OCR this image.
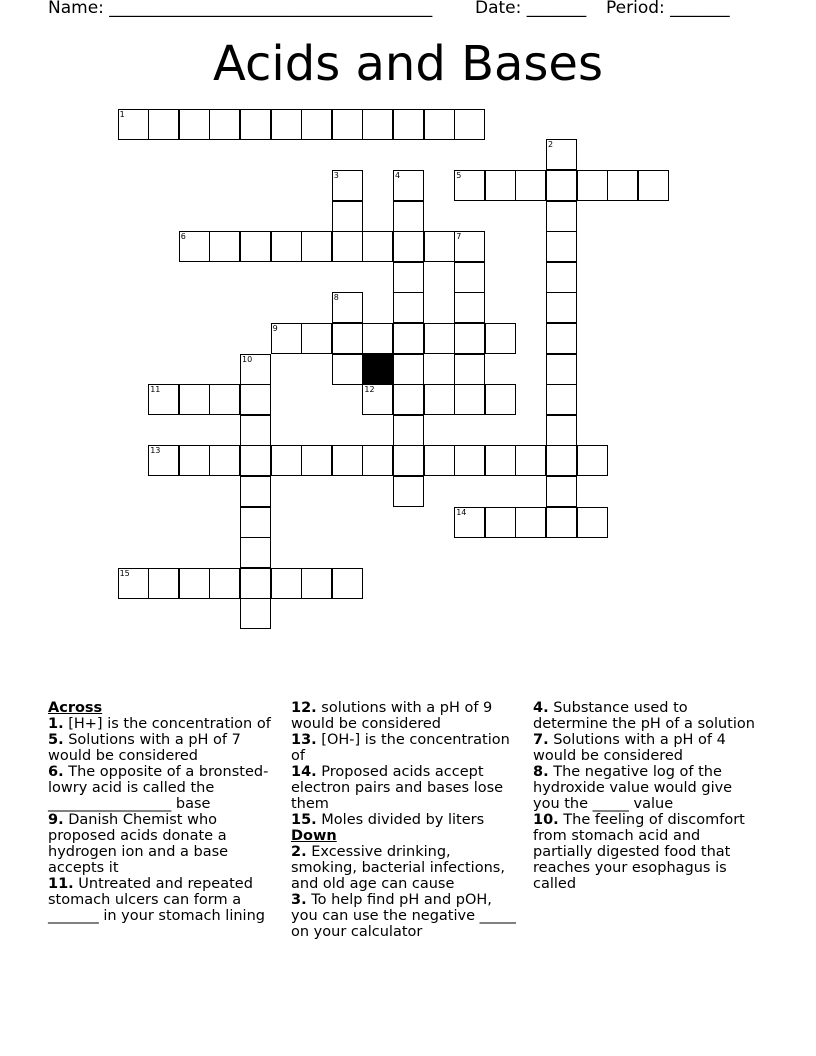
Name: ______________________________________	Date: _______ Period: _______
Acids and Bases
1
2
5
3	4
6	7
8
9
10
11	12
13
14
15
Across
1. [H+] is the concentration of
5. Solutions with a pH of 7 would be considered
6. The opposite of a bronsted-lowry acid is called the _________________ base
9. Danish Chemist who proposed acids donate a hydrogen ion and a base accepts it
11. Untreated and repeated stomach ulcers can form a _______ in your stomach lining
12. solutions with a pH of 9 would be considered
13. [OH-] is the concentration of
14. Proposed acids accept electron pairs and bases lose them
15. Moles divided by liters
Down
2. Excessive drinking, smoking, bacterial infections, and old age can cause
3. To help find pH and pOH, you can use the negative _____ on your calculator
4. Substance used to determine the pH of a solution
7. Solutions with a pH of 4 would be considered
8. The negative log of the hydroxide value would give you the _____ value
10. The feeling of discomfort from stomach acid and partially digested food that reaches your esophagus is called
